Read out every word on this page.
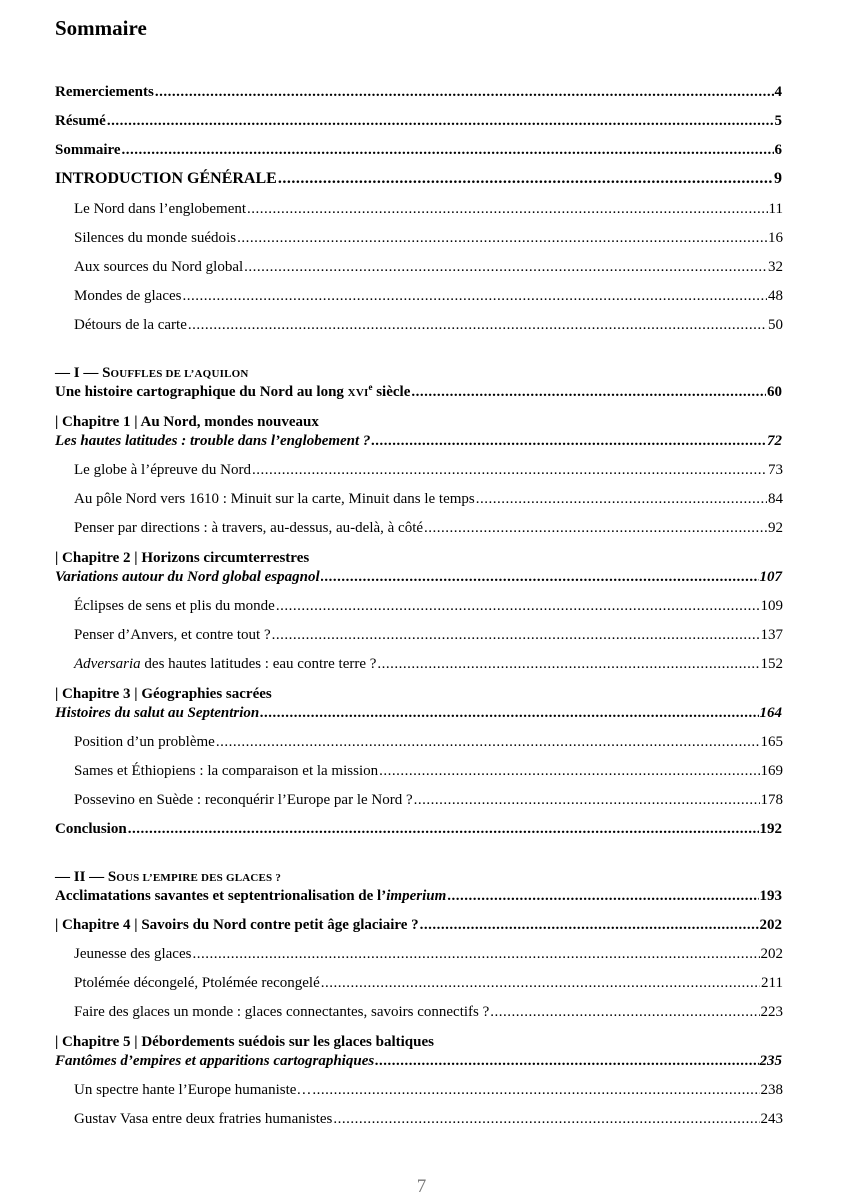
Sommaire
Remerciements .....	4
Résumé .....	5
Sommaire .....	6
INTRODUCTION GÉNÉRALE .....	9
Le Nord dans l’englobement .....	11
Silences du monde suédois .....	16
Aux sources du Nord global .....	32
Mondes de glaces .....	48
Détours de la carte .....	50
— I — SOUFFLES DE L’AQUILON
Une histoire cartographique du Nord au long XVIe siècle .....	60
| Chapitre 1 | Au Nord, mondes nouveaux
Les hautes latitudes : trouble dans l’englobement ? .....	72
Le globe à l’épreuve du Nord .....	73
Au pôle Nord vers 1610 : Minuit sur la carte, Minuit dans le temps .....	84
Penser par directions : à travers, au-dessus, au-delà, à côté .....	92
| Chapitre 2 | Horizons circumterrestres
Variations autour du Nord global espagnol .....	107
Éclipses de sens et plis du monde .....	109
Penser d’Anvers, et contre tout ? .....	137
Adversaria des hautes latitudes : eau contre terre ? .....	152
| Chapitre 3 | Géographies sacrées
Histoires du salut au Septentrion .....	164
Position d’un problème .....	165
Sames et Éthiopiens : la comparaison et la mission .....	169
Possevino en Suède : reconquérir l’Europe par le Nord ? .....	178
Conclusion .....	192
— II — SOUS L’EMPIRE DES GLACES ?
Acclimatations savantes et septentrionalisation de l’imperium .....	193
| Chapitre 4 | Savoirs du Nord contre petit âge glaciaire ? .....	202
Jeunesse des glaces .....	202
Ptolémée décongelé, Ptolémée recongelé .....	211
Faire des glaces un monde : glaces connectantes, savoirs connectifs ? .....	223
| Chapitre 5 | Débordements suédois sur les glaces baltiques
Fantômes d’empires et apparitions cartographiques .....	235
Un spectre hante l’Europe humaniste… .....	238
Gustav Vasa entre deux fratries humanistes .....	243
7
